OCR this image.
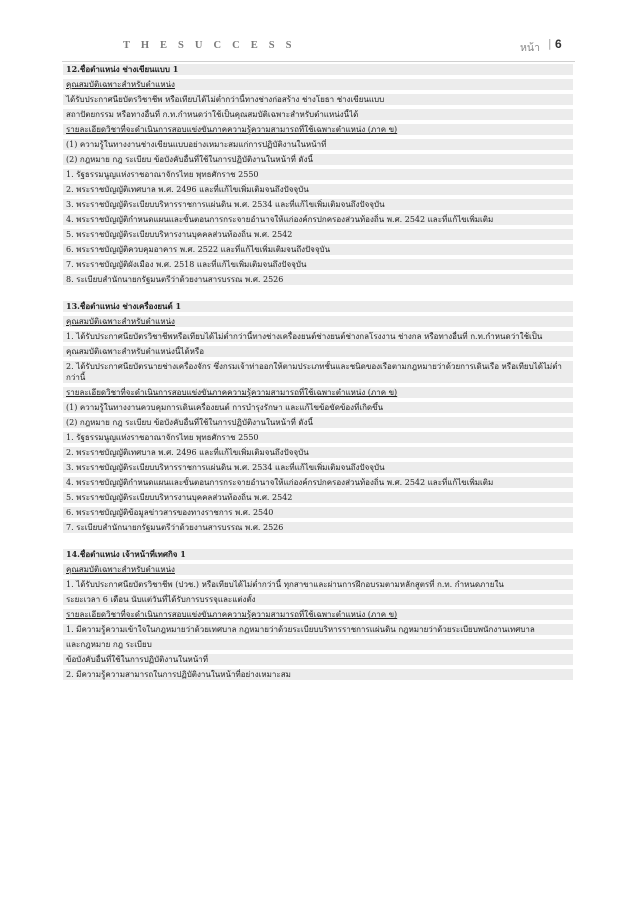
T H E S U C C E S S	หน้า | 6
12.ชื่อตำแหน่ง ช่างเขียนแบบ 1
คุณสมบัติเฉพาะสำหรับตำแหน่ง
ได้รับประกาศนียบัตรวิชาชีพ หรือเทียบได้ไม่ต่ำกว่านี้ทางช่างก่อสร้าง ช่างโยธา ช่างเขียนแบบ
สถาปัตยกรรม หรือทางอื่นที่ ก.ท.กำหนดว่าใช้เป็นคุณสมบัติเฉพาะสำหรับตำแหน่งนี้ได้
รายละเอียดวิชาที่จะดำเนินการสอบแข่งขันภาคความรู้ความสามารถที่ใช้เฉพาะตำแหน่ง (ภาค ข)
(1) ความรู้ในทางงานช่างเขียนแบบอย่างเหมาะสมแก่การปฏิบัติงานในหน้าที่
(2) กฎหมาย กฎ ระเบียบ ข้อบังคับอื่นที่ใช้ในการปฏิบัติงานในหน้าที่ ดังนี้
1. รัฐธรรมนูญแห่งราชอาณาจักรไทย พุทธศักราช 2550
2. พระราชบัญญัติเทศบาล พ.ศ. 2496 และที่แก้ไขเพิ่มเติมจนถึงปัจจุบัน
3. พระราชบัญญัติระเบียบบริหารราชการแผ่นดิน พ.ศ. 2534 และที่แก้ไขเพิ่มเติมจนถึงปัจจุบัน
4. พระราชบัญญัติกำหนดแผนและขั้นตอนการกระจายอำนาจให้แก่องค์กรปกครองส่วนท้องถิ่น พ.ศ. 2542 และที่แก้ไขเพิ่มเติม
5. พระราชบัญญัติระเบียบบริหารงานบุคคลส่วนท้องถิ่น พ.ศ. 2542
6. พระราชบัญญัติควบคุมอาคาร พ.ศ. 2522 และที่แก้ไขเพิ่มเติมจนถึงปัจจุบัน
7. พระราชบัญญัติผังเมือง พ.ศ. 2518 และที่แก้ไขเพิ่มเติมจนถึงปัจจุบัน
8. ระเบียบสำนักนายกรัฐมนตรีว่าด้วยงานสารบรรณ พ.ศ. 2526
13.ชื่อตำแหน่ง ช่างเครื่องยนต์ 1
คุณสมบัติเฉพาะสำหรับตำแหน่ง
1. ได้รับประกาศนียบัตรวิชาชีพหรือเทียบได้ไม่ต่ำกว่านี้ทางช่างเครื่องยนต์ช่างยนต์ช่างกลโรงงาน ช่างกล หรือทางอื่นที่ ก.ท.กำหนดว่าใช้เป็น
คุณสมบัติเฉพาะสำหรับตำแหน่งนี้ได้หรือ
2. ได้รับประกาศนียบัตรนายช่างเครื่องจักร ซึ่งกรมเจ้าท่าออกให้ตามประเภทชั้นและชนิดของเรือตามกฎหมายว่าด้วยการเดินเรือ หรือเทียบได้ไม่ต่ำกว่านี้
รายละเอียดวิชาที่จะดำเนินการสอบแข่งขันภาคความรู้ความสามารถที่ใช้เฉพาะตำแหน่ง (ภาค ข)
(1) ความรู้ในทางงานควบคุมการเดินเครื่องยนต์ การบำรุงรักษา และแก้ไขข้อขัดข้องที่เกิดขึ้น
(2) กฎหมาย กฎ ระเบียบ ข้อบังคับอื่นที่ใช้ในการปฏิบัติงานในหน้าที่ ดังนี้
1. รัฐธรรมนูญแห่งราชอาณาจักรไทย พุทธศักราช 2550
2. พระราชบัญญัติเทศบาล พ.ศ. 2496 และที่แก้ไขเพิ่มเติมจนถึงปัจจุบัน
3. พระราชบัญญัติระเบียบบริหารราชการแผ่นดิน พ.ศ. 2534 และที่แก้ไขเพิ่มเติมจนถึงปัจจุบัน
4. พระราชบัญญัติกำหนดแผนและขั้นตอนการกระจายอำนาจให้แก่องค์กรปกครองส่วนท้องถิ่น พ.ศ. 2542 และที่แก้ไขเพิ่มเติม
5. พระราชบัญญัติระเบียบบริหารงานบุคคลส่วนท้องถิ่น พ.ศ. 2542
6. พระราชบัญญัติข้อมูลข่าวสารของทางราชการ พ.ศ. 2540
7. ระเบียบสำนักนายกรัฐมนตรีว่าด้วยงานสารบรรณ พ.ศ. 2526
14.ชื่อตำแหน่ง เจ้าหน้าที่เทศกิจ 1
คุณสมบัติเฉพาะสำหรับตำแหน่ง
1. ได้รับประกาศนียบัตรวิชาชีพ (ปวช.) หรือเทียบได้ไม่ต่ำกว่านี้ ทุกสาขาและผ่านการฝึกอบรมตามหลักสูตรที่ ก.ท. กำหนดภายใน
ระยะเวลา 6 เดือน นับแต่วันที่ได้รับการบรรจุและแต่งตั้ง
รายละเอียดวิชาที่จะดำเนินการสอบแข่งขันภาคความรู้ความสามารถที่ใช้เฉพาะตำแหน่ง (ภาค ข)
1. มีความรู้ความเข้าใจในกฎหมายว่าด้วยเทศบาล กฎหมายว่าด้วยระเบียบบริหารราชการแผ่นดิน กฎหมายว่าด้วยระเบียบพนักงานเทศบาล
และกฎหมาย กฎ ระเบียบ
ข้อบังคับอื่นที่ใช้ในการปฏิบัติงานในหน้าที่
2. มีความรู้ความสามารถในการปฏิบัติงานในหน้าที่อย่างเหมาะสม
